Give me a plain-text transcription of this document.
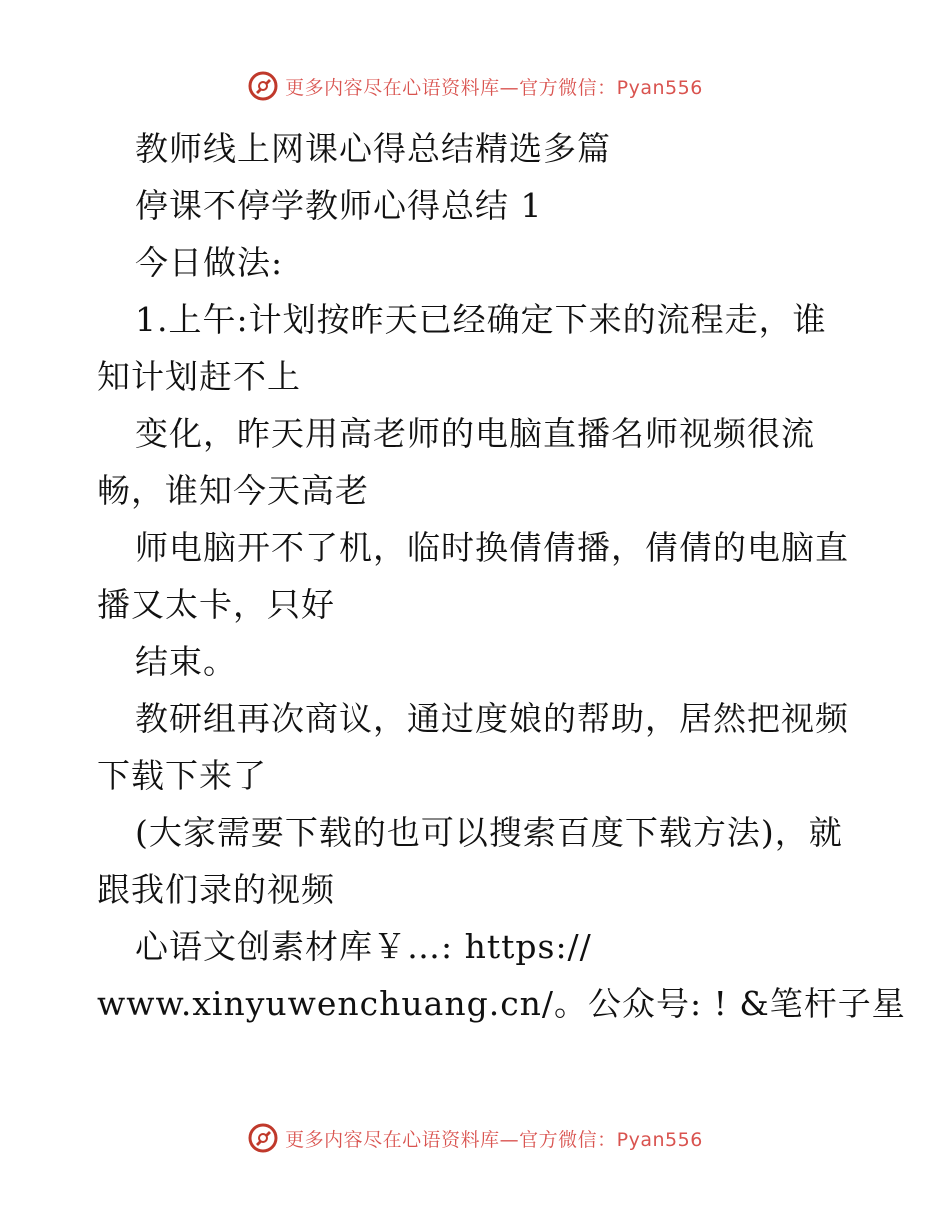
更多内容尽在心语资料库—官方微信：Pyan556
教师线上网课心得总结精选多篇
停课不停学教师心得总结 1
今日做法:
1.上午:计划按昨天已经确定下来的流程走，谁
知计划赶不上
变化，昨天用高老师的电脑直播名师视频很流
畅，谁知今天高老
师电脑开不了机，临时换倩倩播，倩倩的电脑直
播又太卡，只好
结束。
教研组再次商议，通过度娘的帮助，居然把视频
下载下来了
(大家需要下载的也可以搜索百度下载方法)，就
跟我们录的视频
心语文创素材库￥…: https://
www.xinyuwenchuang.cn/。公众号: ! &笔杆子星
更多内容尽在心语资料库—官方微信：Pyan556
